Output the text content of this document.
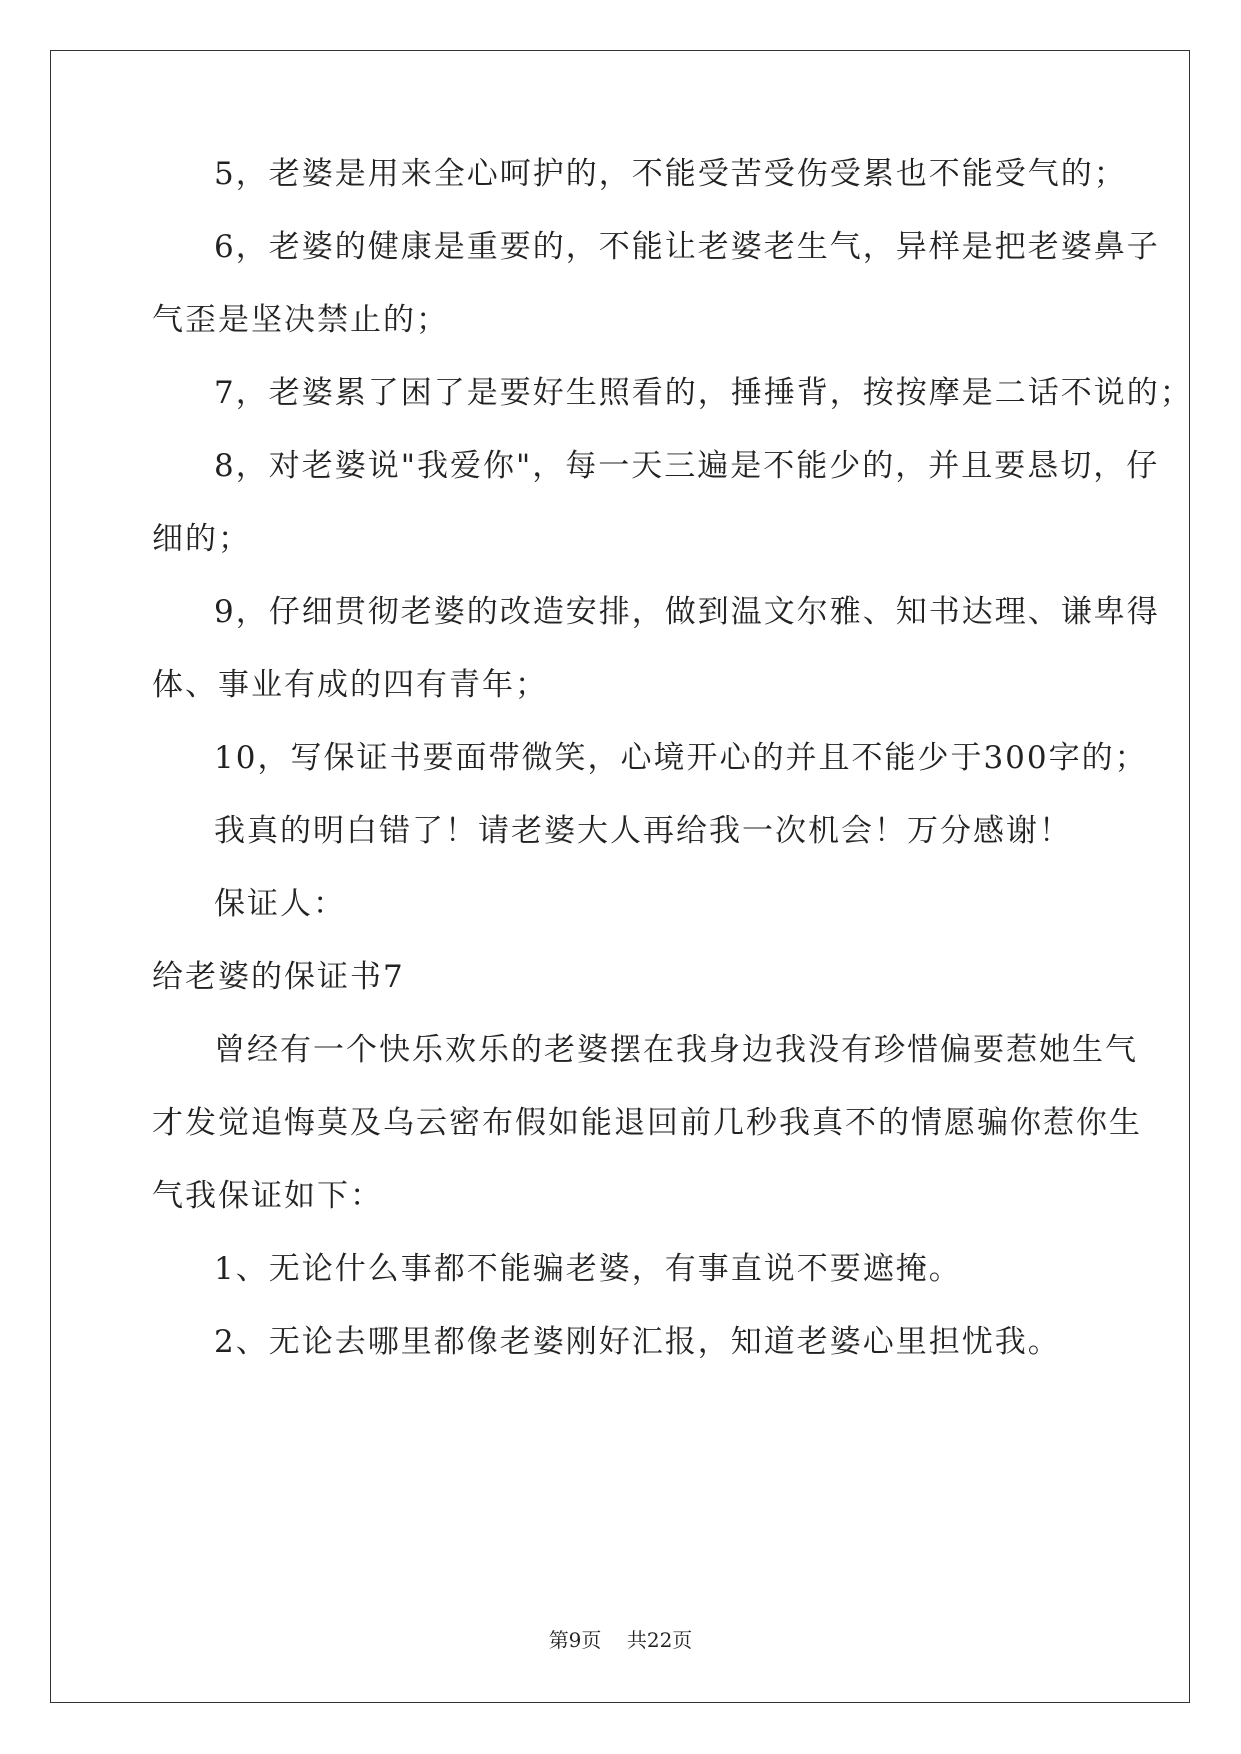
5，老婆是用来全心呵护的，不能受苦受伤受累也不能受气的；
6，老婆的健康是重要的，不能让老婆老生气，异样是把老婆鼻子
气歪是坚决禁止的；
7，老婆累了困了是要好生照看的，捶捶背，按按摩是二话不说的；
8，对老婆说"我爱你"，每一天三遍是不能少的，并且要恳切，仔
细的；
9，仔细贯彻老婆的改造安排，做到温文尔雅、知书达理、谦卑得
体、事业有成的四有青年；
10，写保证书要面带微笑，心境开心的并且不能少于300字的；
我真的明白错了！请老婆大人再给我一次机会！万分感谢！
保证人：
给老婆的保证书7
曾经有一个快乐欢乐的老婆摆在我身边我没有珍惜偏要惹她生气
才发觉追悔莫及乌云密布假如能退回前几秒我真不的情愿骗你惹你生
气我保证如下：
1、无论什么事都不能骗老婆，有事直说不要遮掩。
2、无论去哪里都像老婆刚好汇报，知道老婆心里担忧我。
第9页    共22页
